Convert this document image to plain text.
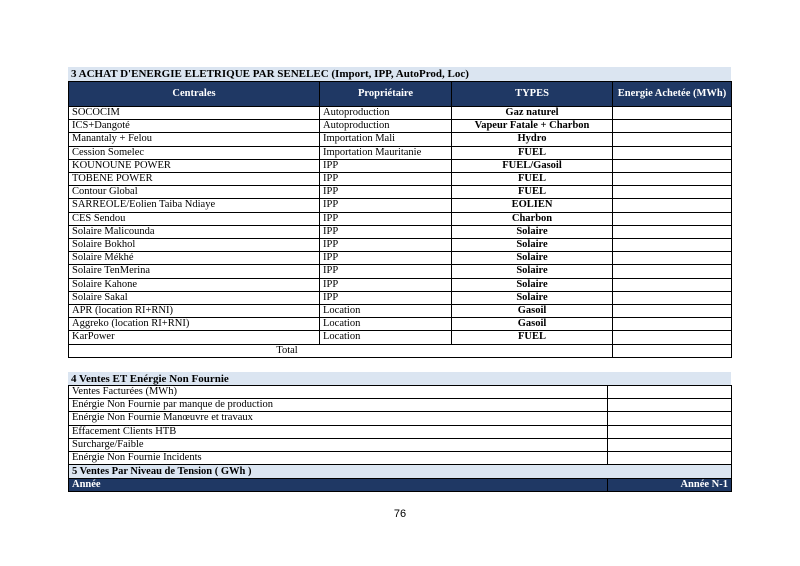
3 ACHAT D'ENERGIE ELETRIQUE PAR SENELEC (Import, IPP, AutoProd, Loc)
Centrales	Propriétaire	TYPES	Energie Achetée (MWh)
SOCOCIM	Autoproduction	Gaz naturel	
ICS+Dangoté	Autoproduction	Vapeur Fatale + Charbon	
Manantaly + Felou	Importation Mali	Hydro	
Cession Somelec	Importation Mauritanie	FUEL	
KOUNOUNE POWER	IPP	FUEL/Gasoil	
TOBENE POWER	IPP	FUEL	
Contour Global	IPP	FUEL	
SARREOLE/Eolien Taiba Ndiaye	IPP	EOLIEN	
CES Sendou	IPP	Charbon	
Solaire Malicounda	IPP	Solaire	
Solaire Bokhol	IPP	Solaire	
Solaire Mékhé	IPP	Solaire	
Solaire TenMerina	IPP	Solaire	
Solaire Kahone	IPP	Solaire	
Solaire Sakal	IPP	Solaire	
APR (location RI+RNI)	Location	Gasoil	
Aggreko (location RI+RNI)	Location	Gasoil	
KarPower	Location	FUEL	
Total			
4 Ventes ET Enérgie Non Fournie
Ventes Facturées (MWh)	
Enérgie Non Fournie par manque de production	
Enérgie Non Fournie Manœuvre et travaux	
Effacement Clients HTB	
Surcharge/Faible	
Enérgie Non Fournie Incidents	
5 Ventes Par Niveau de Tension ( GWh )	
Année	Année N-1
76
